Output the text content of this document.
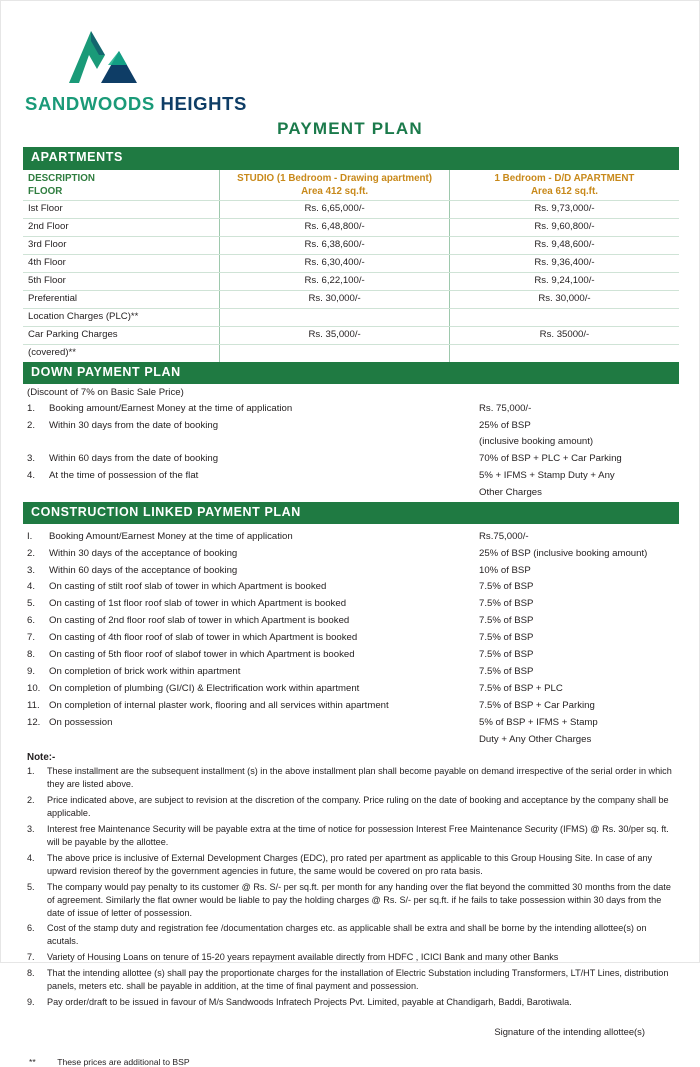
SANDWOODS HEIGHTS
PAYMENT PLAN
APARTMENTS
DESCRIPTION	STUDIO (1 Bedroom - Drawing apartment)	1 Bedroom - D/D APARTMENT
FLOOR	Area 412 sq.ft.	Area 612 sq.ft.
Ist Floor	Rs. 6,65,000/-	Rs. 9,73,000/-
2nd Floor	Rs. 6,48,800/-	Rs. 9,60,800/-
3rd Floor	Rs. 6,38,600/-	Rs. 9,48,600/-
4th Floor	Rs. 6,30,400/-	Rs. 9,36,400/-
5th Floor	Rs. 6,22,100/-	Rs. 9,24,100/-
Preferential	Rs. 30,000/-	Rs. 30,000/-
Location Charges (PLC)**		
Car Parking Charges	Rs. 35,000/-	Rs. 35000/-
(covered)**		
DOWN PAYMENT PLAN
(Discount of 7% on Basic Sale Price)
1.	Booking amount/Earnest Money at the time of application	Rs. 75,000/-
2.	Within 30 days from the date of booking	25% of BSP
		(inclusive booking amount)
3.	Within 60 days from the date of booking	70% of BSP + PLC + Car Parking
4.	At the time of possession of the flat	5% + IFMS + Stamp Duty + Any
		Other Charges
CONSTRUCTION LINKED PAYMENT PLAN
I.	Booking Amount/Earnest Money at the time of application	Rs.75,000/-
2.	Within 30 days of the acceptance of booking	25% of BSP (inclusive booking amount)
3.	Within 60 days of the acceptance of booking	10% of BSP
4.	On casting of stilt roof slab of tower in which Apartment is booked	7.5% of BSP
5.	On casting of 1st floor roof slab of tower in which Apartment is booked	7.5% of BSP
6.	On casting of 2nd floor roof slab of tower in which Apartment is booked	7.5% of BSP
7.	On casting of 4th floor roof of slab of tower in which Apartment is booked	7.5% of BSP
8.	On casting of 5th floor roof of slabof tower in which Apartment is booked	7.5% of BSP
9.	On completion of brick work within apartment	7.5% of BSP
10.	On completion of plumbing (GI/CI) & Electrification work within apartment	7.5% of BSP + PLC
11.	On completion of internal plaster work, flooring and all services within apartment	7.5% of BSP + Car Parking
12.	On possession	5% of BSP + IFMS + Stamp
		Duty + Any Other Charges
Note:-
1.	These installment are the subsequent installment (s) in the above installment plan shall become payable on demand irrespective of the serial order in which they are listed above.
2.	Price indicated above, are subject to revision at the discretion of the company. Price ruling on the date of booking and acceptance by the company shall be applicable.
3.	Interest free Maintenance Security will be payable extra at the time of notice for possession Interest Free Maintenance Security (IFMS) @ Rs. 30/per sq. ft. will be payable by the allottee.
4.	The above price is inclusive of External Development Charges (EDC), pro rated per apartment as applicable to this Group Housing Site. In case of any upward revision thereof by the government agencies in future, the same would be covered on pro rata basis.
5.	The company would pay penalty to its customer @ Rs. S/- per sq.ft. per month for any handing over the flat beyond the committed 30 months from the date of agreement. Similarly the flat owner would be liable to pay the holding charges @ Rs. S/- per sq.ft. if he fails to take possession within 30 days from the date of issue of letter of possession.
6.	Cost of the stamp duty and registration fee /documentation charges etc. as applicable shall be extra and shall be borne by the intending allottee(s) on acutals.
7.	Variety of Housing Loans on tenure of 15-20 years repayment available directly from HDFC , ICICI Bank and many other Banks
8.	That the intending allottee (s) shall pay the proportionate charges for the installation of Electric Substation including Transformers, LT/HT Lines, distribution panels, meters etc. shall be payable in addition, at the time of final payment and possession.
9.	Pay order/draft to be issued in favour of M/s Sandwoods Infratech Projects Pvt. Limited, payable at Chandigarh, Baddi, Barotiwala.
Signature of the intending allottee(s)
**	These prices are additional to BSP
